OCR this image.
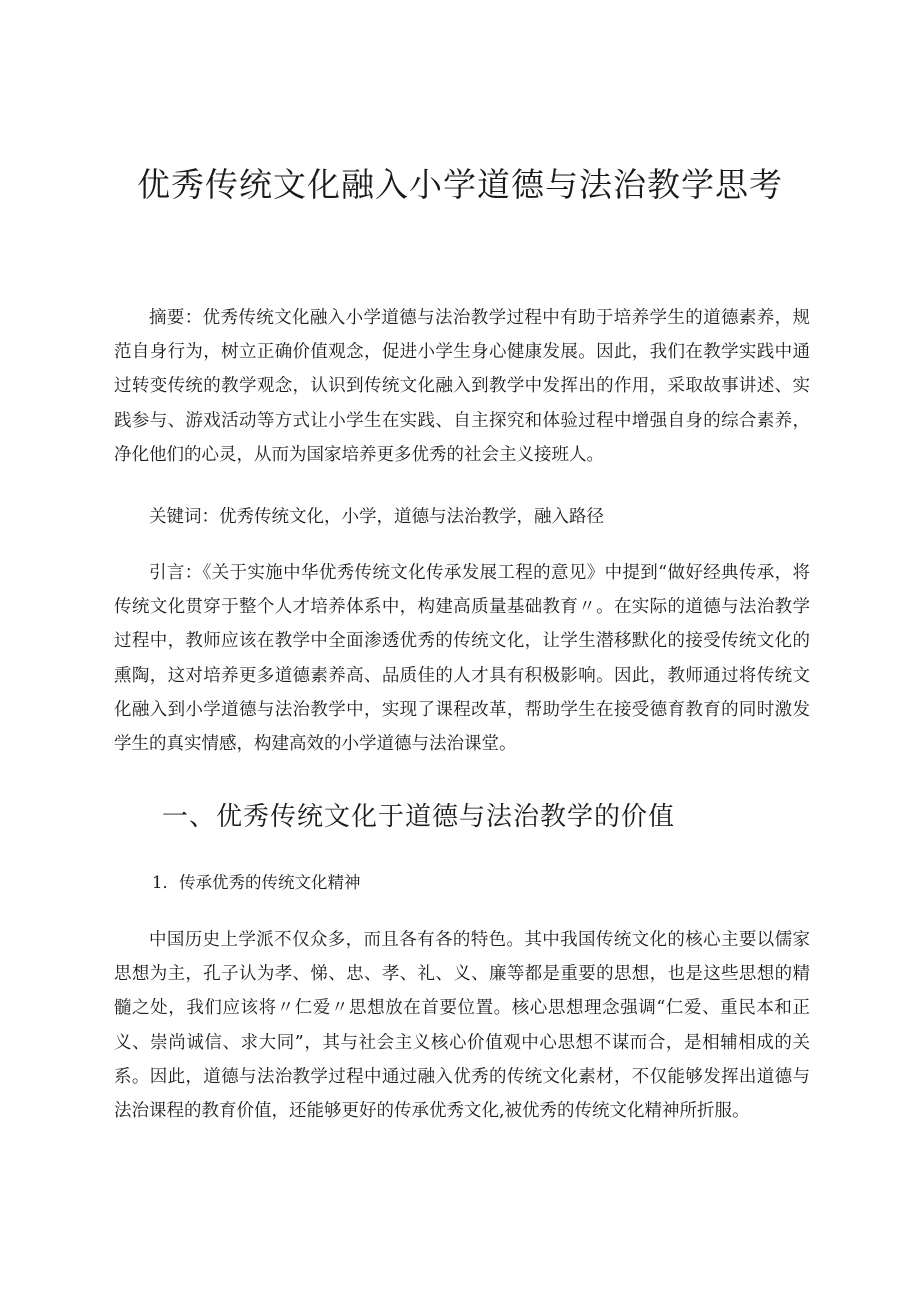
优秀传统文化融入小学道德与法治教学思考

摘要：优秀传统文化融入小学道德与法治教学过程中有助于培养学生的道德素养，规范自身行为，树立正确价值观念，促进小学生身心健康发展。因此，我们在教学实践中通过转变传统的教学观念，认识到传统文化融入到教学中发挥出的作用，采取故事讲述、实践参与、游戏活动等方式让小学生在实践、自主探究和体验过程中增强自身的综合素养，净化他们的心灵，从而为国家培养更多优秀的社会主义接班人。

关键词：优秀传统文化，小学，道德与法治教学，融入路径

引言：《关于实施中华优秀传统文化传承发展工程的意见》中提到“做好经典传承，将传统文化贯穿于整个人才培养体系中，构建高质量基础教育〃。在实际的道德与法治教学过程中，教师应该在教学中全面渗透优秀的传统文化，让学生潜移默化的接受传统文化的熏陶，这对培养更多道德素养高、品质佳的人才具有积极影响。因此，教师通过将传统文化融入到小学道德与法治教学中，实现了课程改革，帮助学生在接受德育教育的同时激发学生的真实情感，构建高效的小学道德与法治课堂。

一、优秀传统文化于道德与法治教学的价值
1．传承优秀的传统文化精神

中国历史上学派不仅众多，而且各有各的特色。其中我国传统文化的核心主要以儒家思想为主，孔子认为孝、悌、忠、孝、礼、义、廉等都是重要的思想，也是这些思想的精髓之处，我们应该将〃仁爱〃思想放在首要位置。核心思想理念强调“仁爱、重民本和正义、崇尚诚信、求大同”，其与社会主义核心价值观中心思想不谋而合，是相辅相成的关系。因此，道德与法治教学过程中通过融入优秀的传统文化素材，不仅能够发挥出道德与法治课程的教育价值，还能够更好的传承优秀文化,被优秀的传统文化精神所折服。
